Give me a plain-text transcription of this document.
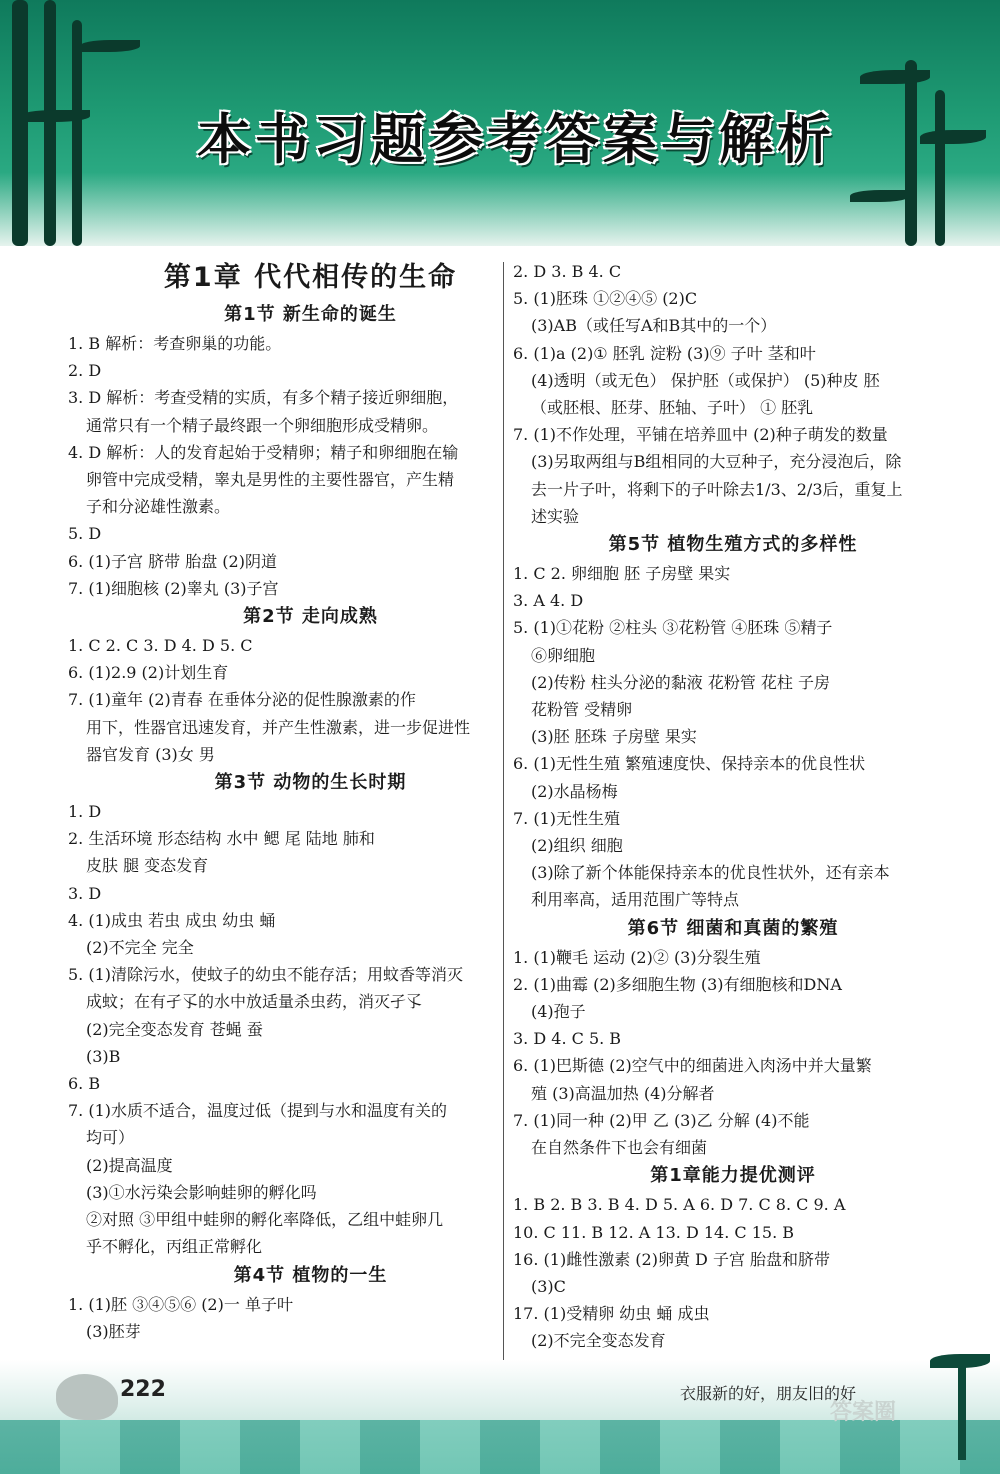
本书习题参考答案与解析
第1章 代代相传的生命
第1节 新生命的诞生
1. B 解析：考查卵巢的功能。
2. D
3. D 解析：考查受精的实质，有多个精子接近卵细胞，
通常只有一个精子最终跟一个卵细胞形成受精卵。
4. D 解析：人的发育起始于受精卵；精子和卵细胞在输
卵管中完成受精，睾丸是男性的主要性器官，产生精
子和分泌雄性激素。
5. D
6. (1)子宫 脐带 胎盘 (2)阴道
7. (1)细胞核 (2)睾丸 (3)子宫
第2节 走向成熟
1. C 2. C 3. D 4. D 5. C
6. (1)2.9 (2)计划生育
7. (1)童年 (2)青春 在垂体分泌的促性腺激素的作
用下，性器官迅速发育，并产生性激素，进一步促进性
器官发育 (3)女 男
第3节 动物的生长时期
1. D
2. 生活环境 形态结构 水中 鳃 尾 陆地 肺和
皮肤 腿 变态发育
3. D
4. (1)成虫 若虫 成虫 幼虫 蛹
(2)不完全 完全
5. (1)清除污水，使蚊子的幼虫不能存活；用蚊香等消灭
成蚊；在有孑孓的水中放适量杀虫药，消灭孑孓
(2)完全变态发育 苍蝇 蚕
(3)B
6. B
7. (1)水质不适合，温度过低（提到与水和温度有关的
均可）
(2)提高温度
(3)①水污染会影响蛙卵的孵化吗
②对照 ③甲组中蛙卵的孵化率降低，乙组中蛙卵几
乎不孵化，丙组正常孵化
第4节 植物的一生
1. (1)胚 ③④⑤⑥ (2)一 单子叶
(3)胚芽
2. D 3. B 4. C
5. (1)胚珠 ①②④⑤ (2)C
(3)AB（或任写A和B其中的一个）
6. (1)a (2)① 胚乳 淀粉 (3)⑨ 子叶 茎和叶
(4)透明（或无色） 保护胚（或保护） (5)种皮 胚
（或胚根、胚芽、胚轴、子叶） ① 胚乳
7. (1)不作处理，平铺在培养皿中 (2)种子萌发的数量
(3)另取两组与B组相同的大豆种子，充分浸泡后，除
去一片子叶，将剩下的子叶除去1/3、2/3后，重复上
述实验
第5节 植物生殖方式的多样性
1. C 2. 卵细胞 胚 子房壁 果实
3. A 4. D
5. (1)①花粉 ②柱头 ③花粉管 ④胚珠 ⑤精子
⑥卵细胞
(2)传粉 柱头分泌的黏液 花粉管 花柱 子房
花粉管 受精卵
(3)胚 胚珠 子房壁 果实
6. (1)无性生殖 繁殖速度快、保持亲本的优良性状
(2)水晶杨梅
7. (1)无性生殖
(2)组织 细胞
(3)除了新个体能保持亲本的优良性状外，还有亲本
利用率高，适用范围广等特点
第6节 细菌和真菌的繁殖
1. (1)鞭毛 运动 (2)② (3)分裂生殖
2. (1)曲霉 (2)多细胞生物 (3)有细胞核和DNA
(4)孢子
3. D 4. C 5. B
6. (1)巴斯德 (2)空气中的细菌进入肉汤中并大量繁
殖 (3)高温加热 (4)分解者
7. (1)同一种 (2)甲 乙 (3)乙 分解 (4)不能
在自然条件下也会有细菌
第1章能力提优测评
1. B 2. B 3. B 4. D 5. A 6. D 7. C 8. C 9. A
10. C 11. B 12. A 13. D 14. C 15. B
16. (1)雌性激素 (2)卵黄 D 子宫 胎盘和脐带
(3)C
17. (1)受精卵 幼虫 蛹 成虫
(2)不完全变态发育
222	衣服新的好，朋友旧的好
答案圈
